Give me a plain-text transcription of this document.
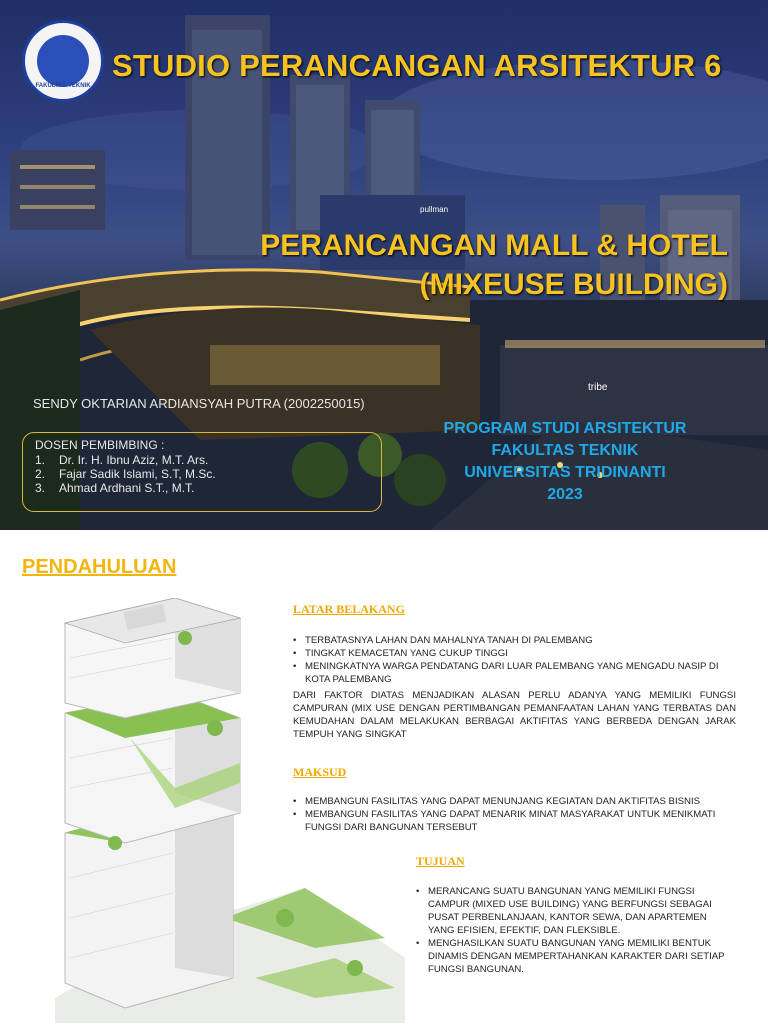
pullman
tribe
FAKULTAS TEKNIK
STUDIO PERANCANGAN ARSITEKTUR 6
PERANCANGAN MALL & HOTEL
(MIXEUSE BUILDING)
SENDY OKTARIAN ARDIANSYAH PUTRA (2002250015)
DOSEN PEMBIMBING :
1.	Dr. Ir. H. Ibnu Aziz, M.T. Ars.
2.	Fajar Sadik Islami, S.T, M.Sc.
3.	Ahmad Ardhani S.T., M.T.
PROGRAM STUDI ARSITEKTUR
FAKULTAS TEKNIK
UNIVERSITAS TRIDINANTI
2023
PENDAHULUAN
LATAR BELAKANG
• TERBATASNYA LAHAN DAN MAHALNYA TANAH DI PALEMBANG
• TINGKAT KEMACETAN YANG CUKUP TINGGI
• MENINGKATNYA WARGA PENDATANG DARI LUAR PALEMBANG YANG MENGADU NASIP DI KOTA PALEMBANG
DARI FAKTOR DIATAS MENJADIKAN ALASAN PERLU ADANYA YANG MEMILIKI FUNGSI CAMPURAN (MIX USE DENGAN PERTIMBANGAN PEMANFAATAN LAHAN YANG TERBATAS DAN KEMUDAHAN DALAM MELAKUKAN BERBAGAI AKTIFITAS YANG BERBEDA DENGAN JARAK TEMPUH YANG SINGKAT
MAKSUD
• MEMBANGUN FASILITAS YANG DAPAT MENUNJANG KEGIATAN DAN AKTIFITAS BISNIS
• MEMBANGUN FASILITAS YANG DAPAT MENARIK MINAT MASYARAKAT UNTUK MENIKMATI FUNGSI DARI BANGUNAN TERSEBUT
TUJUAN
• MERANCANG SUATU BANGUNAN YANG MEMILIKI FUNGSI CAMPUR (MIXED USE BUILDING) YANG BERFUNGSI SEBAGAI PUSAT PERBENLANJAAN, KANTOR SEWA, DAN APARTEMEN YANG EFISIEN, EFEKTIF, DAN FLEKSIBLE.
• MENGHASILKAN SUATU BANGUNAN YANG MEMILIKI BENTUK DINAMIS DENGAN MEMPERTAHANKAN KARAKTER DARI SETIAP FUNGSI BANGUNAN.
